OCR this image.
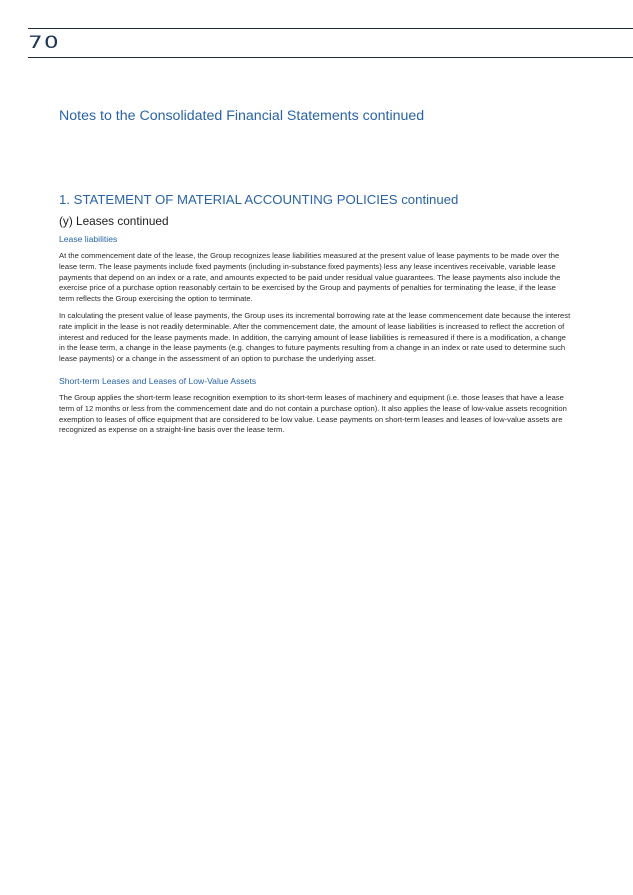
70
Notes to the Consolidated Financial Statements continued
1. STATEMENT OF MATERIAL ACCOUNTING POLICIES continued
(y) Leases continued
Lease liabilities

At the commencement date of the lease, the Group recognizes lease liabilities measured at the present value of lease payments to be made over the lease term. The lease payments include fixed payments (including in-substance fixed payments) less any lease incentives receivable, variable lease payments that depend on an index or a rate, and amounts expected to be paid under residual value guarantees. The lease payments also include the exercise price of a purchase option reasonably certain to be exercised by the Group and payments of penalties for terminating the lease, if the lease term reflects the Group exercising the option to terminate.

In calculating the present value of lease payments, the Group uses its incremental borrowing rate at the lease commencement date because the interest rate implicit in the lease is not readily determinable. After the commencement date, the amount of lease liabilities is increased to reflect the accretion of interest and reduced for the lease payments made. In addition, the carrying amount of lease liabilities is remeasured if there is a modification, a change in the lease term, a change in the lease payments (e.g. changes to future payments resulting from a change in an index or rate used to determine such lease payments) or a change in the assessment of an option to purchase the underlying asset.

Short-term Leases and Leases of Low-Value Assets

The Group applies the short-term lease recognition exemption to its short-term leases of machinery and equipment (i.e. those leases that have a lease term of 12 months or less from the commencement date and do not contain a purchase option). It also applies the lease of low-value assets recognition exemption to leases of office equipment that are considered to be low value. Lease payments on short-term leases and leases of low-value assets are recognized as expense on a straight-line basis over the lease term.
